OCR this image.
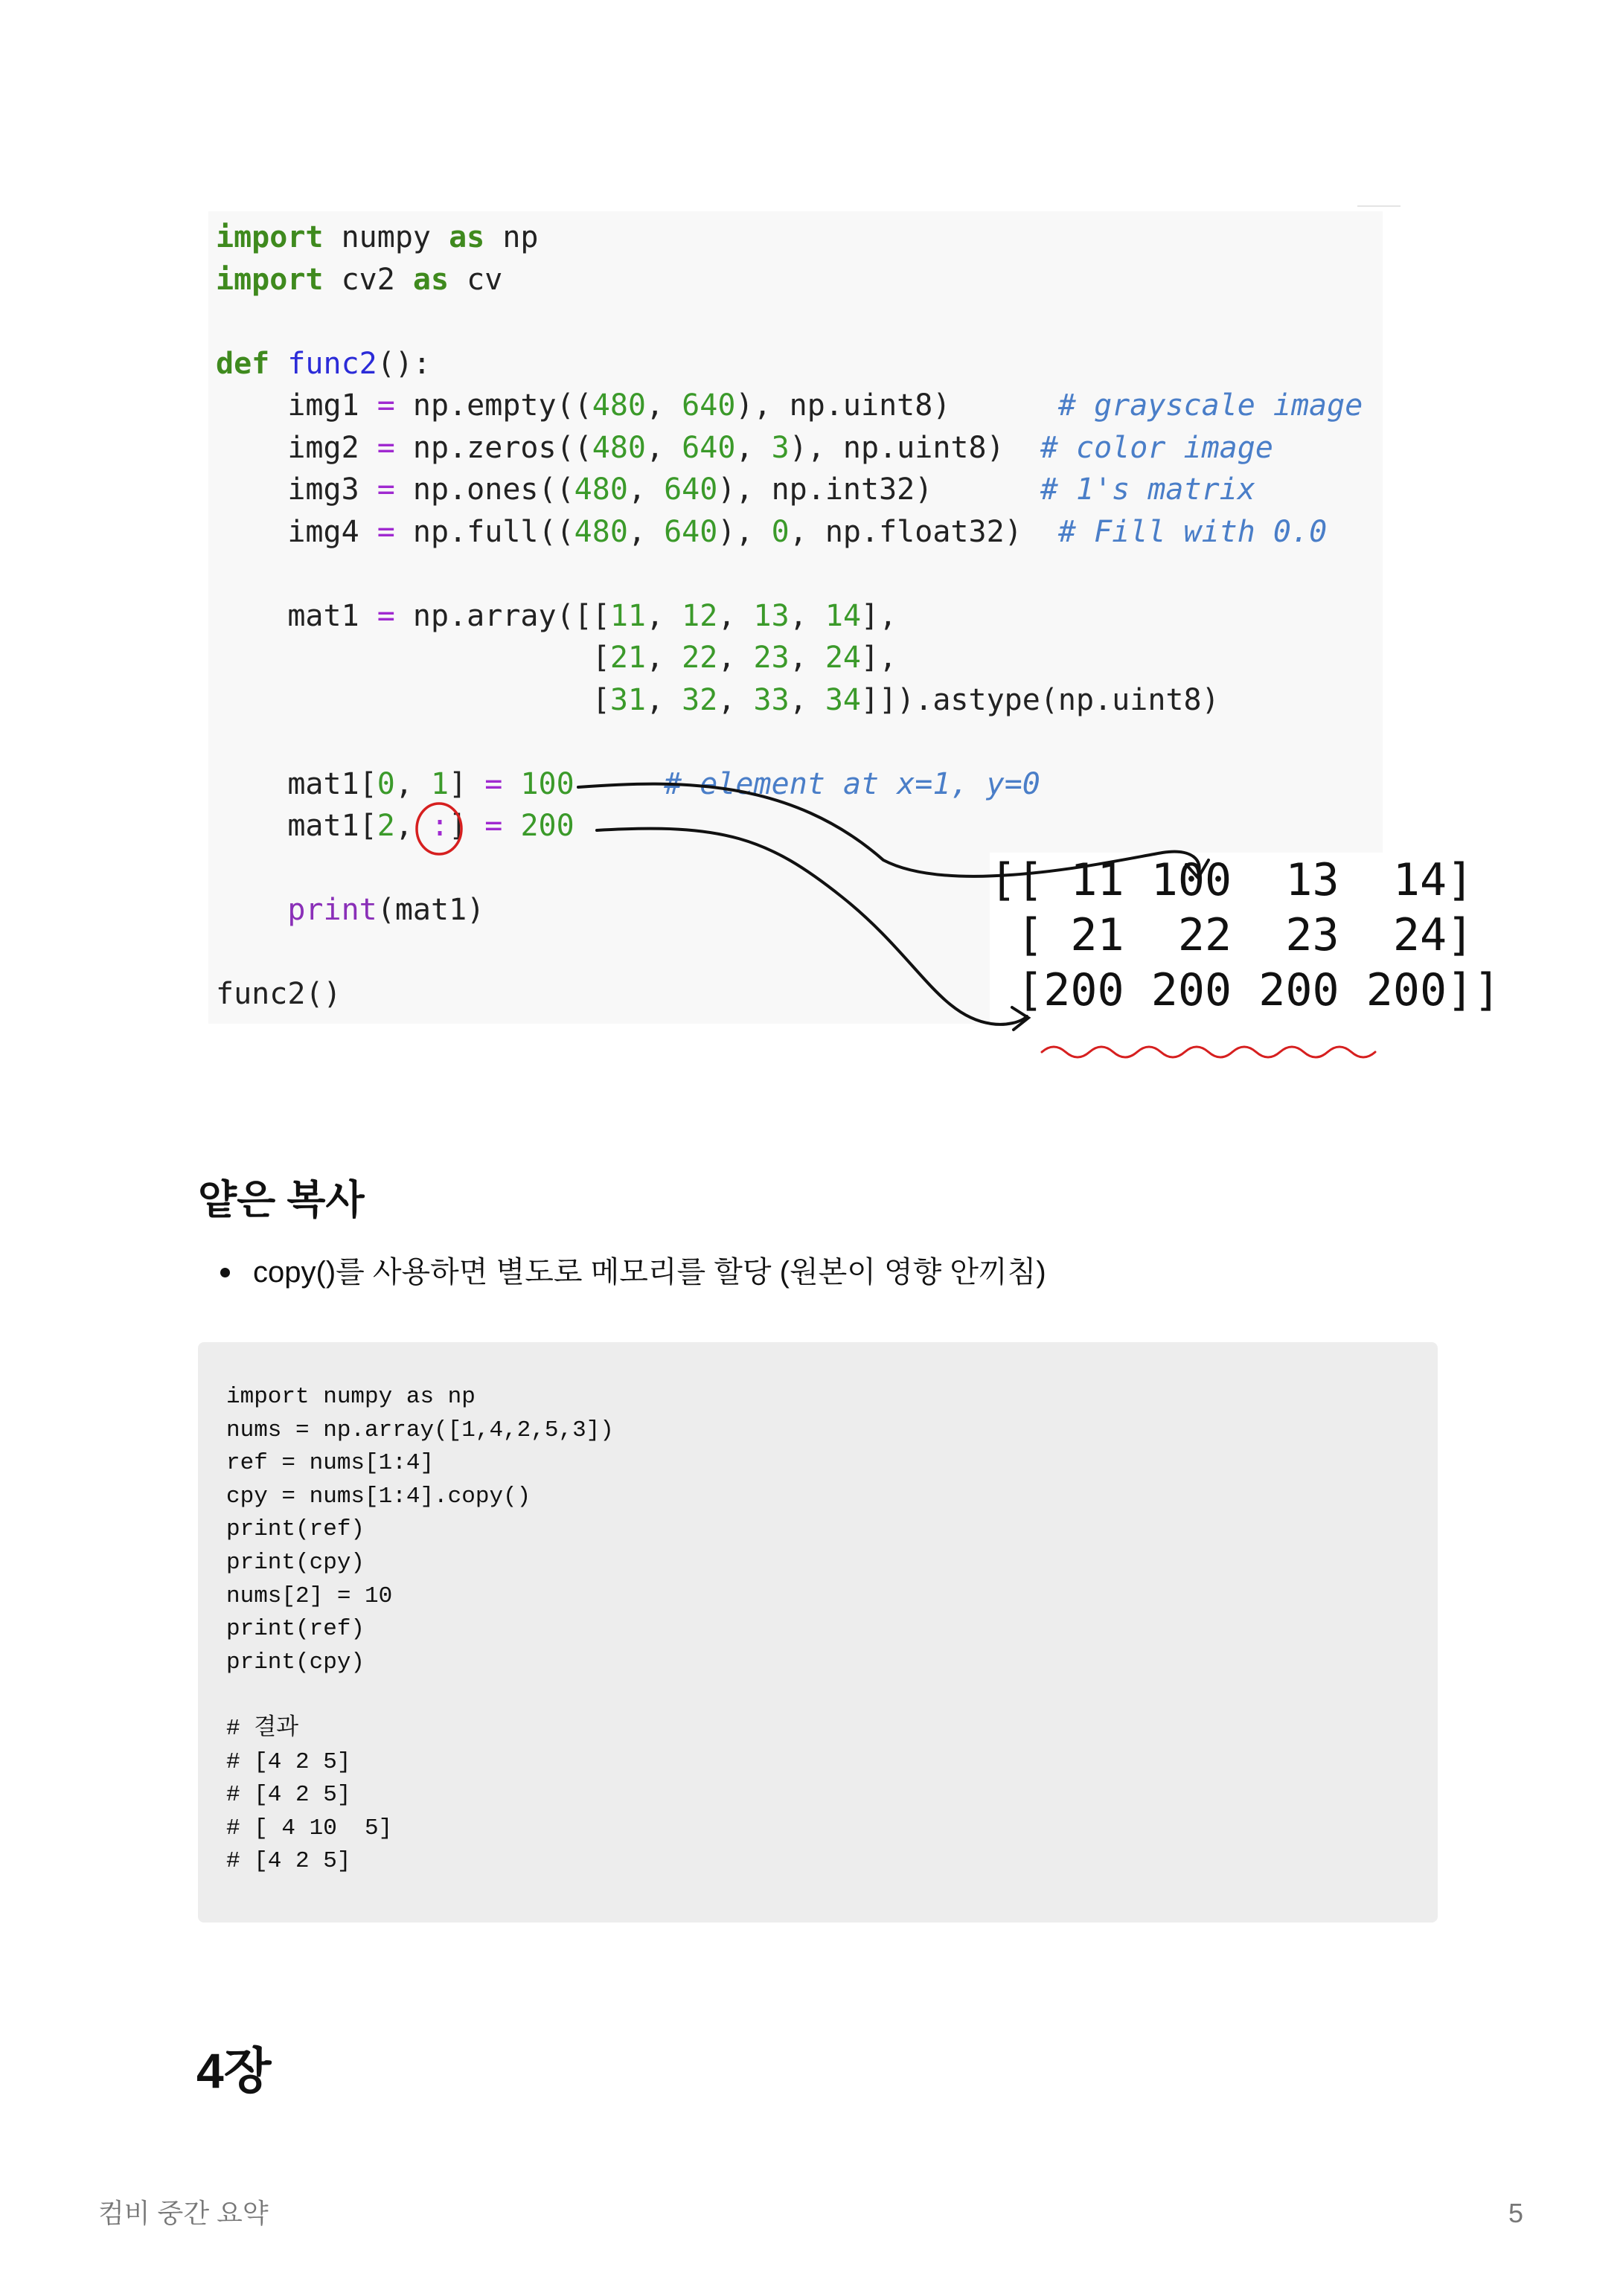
import numpy as np
import cv2 as cv
def func2():
img1 = np.empty((480, 640), np.uint8)      # grayscale image
img2 = np.zeros((480, 640, 3), np.uint8)  # color image
img3 = np.ones((480, 640), np.int32)      # 1's matrix
img4 = np.full((480, 640), 0, np.float32)  # Fill with 0.0
mat1 = np.array([[11, 12, 13, 14],
[21, 22, 23, 24],
[31, 32, 33, 34]]).astype(np.uint8)
mat1[0, 1] = 100	# element at x=1, y=0
mat1[2, :] = 200
print(mat1)
func2()
[[ 11 100  13  14]
[ 21  22  23  24]
[200 200 200 200]]
얕은 복사
copy()를 사용하면 별도로 메모리를 할당 (원본이 영향 안끼침)
import numpy as np
nums = np.array([1,4,2,5,3])
ref = nums[1:4]
cpy = nums[1:4].copy()
print(ref)
print(cpy)
nums[2] = 10
print(ref)
print(cpy)

# 결과
# [4 2 5]
# [4 2 5]
# [ 4 10  5]
# [4 2 5]
4장
컴비 중간 요약	5
